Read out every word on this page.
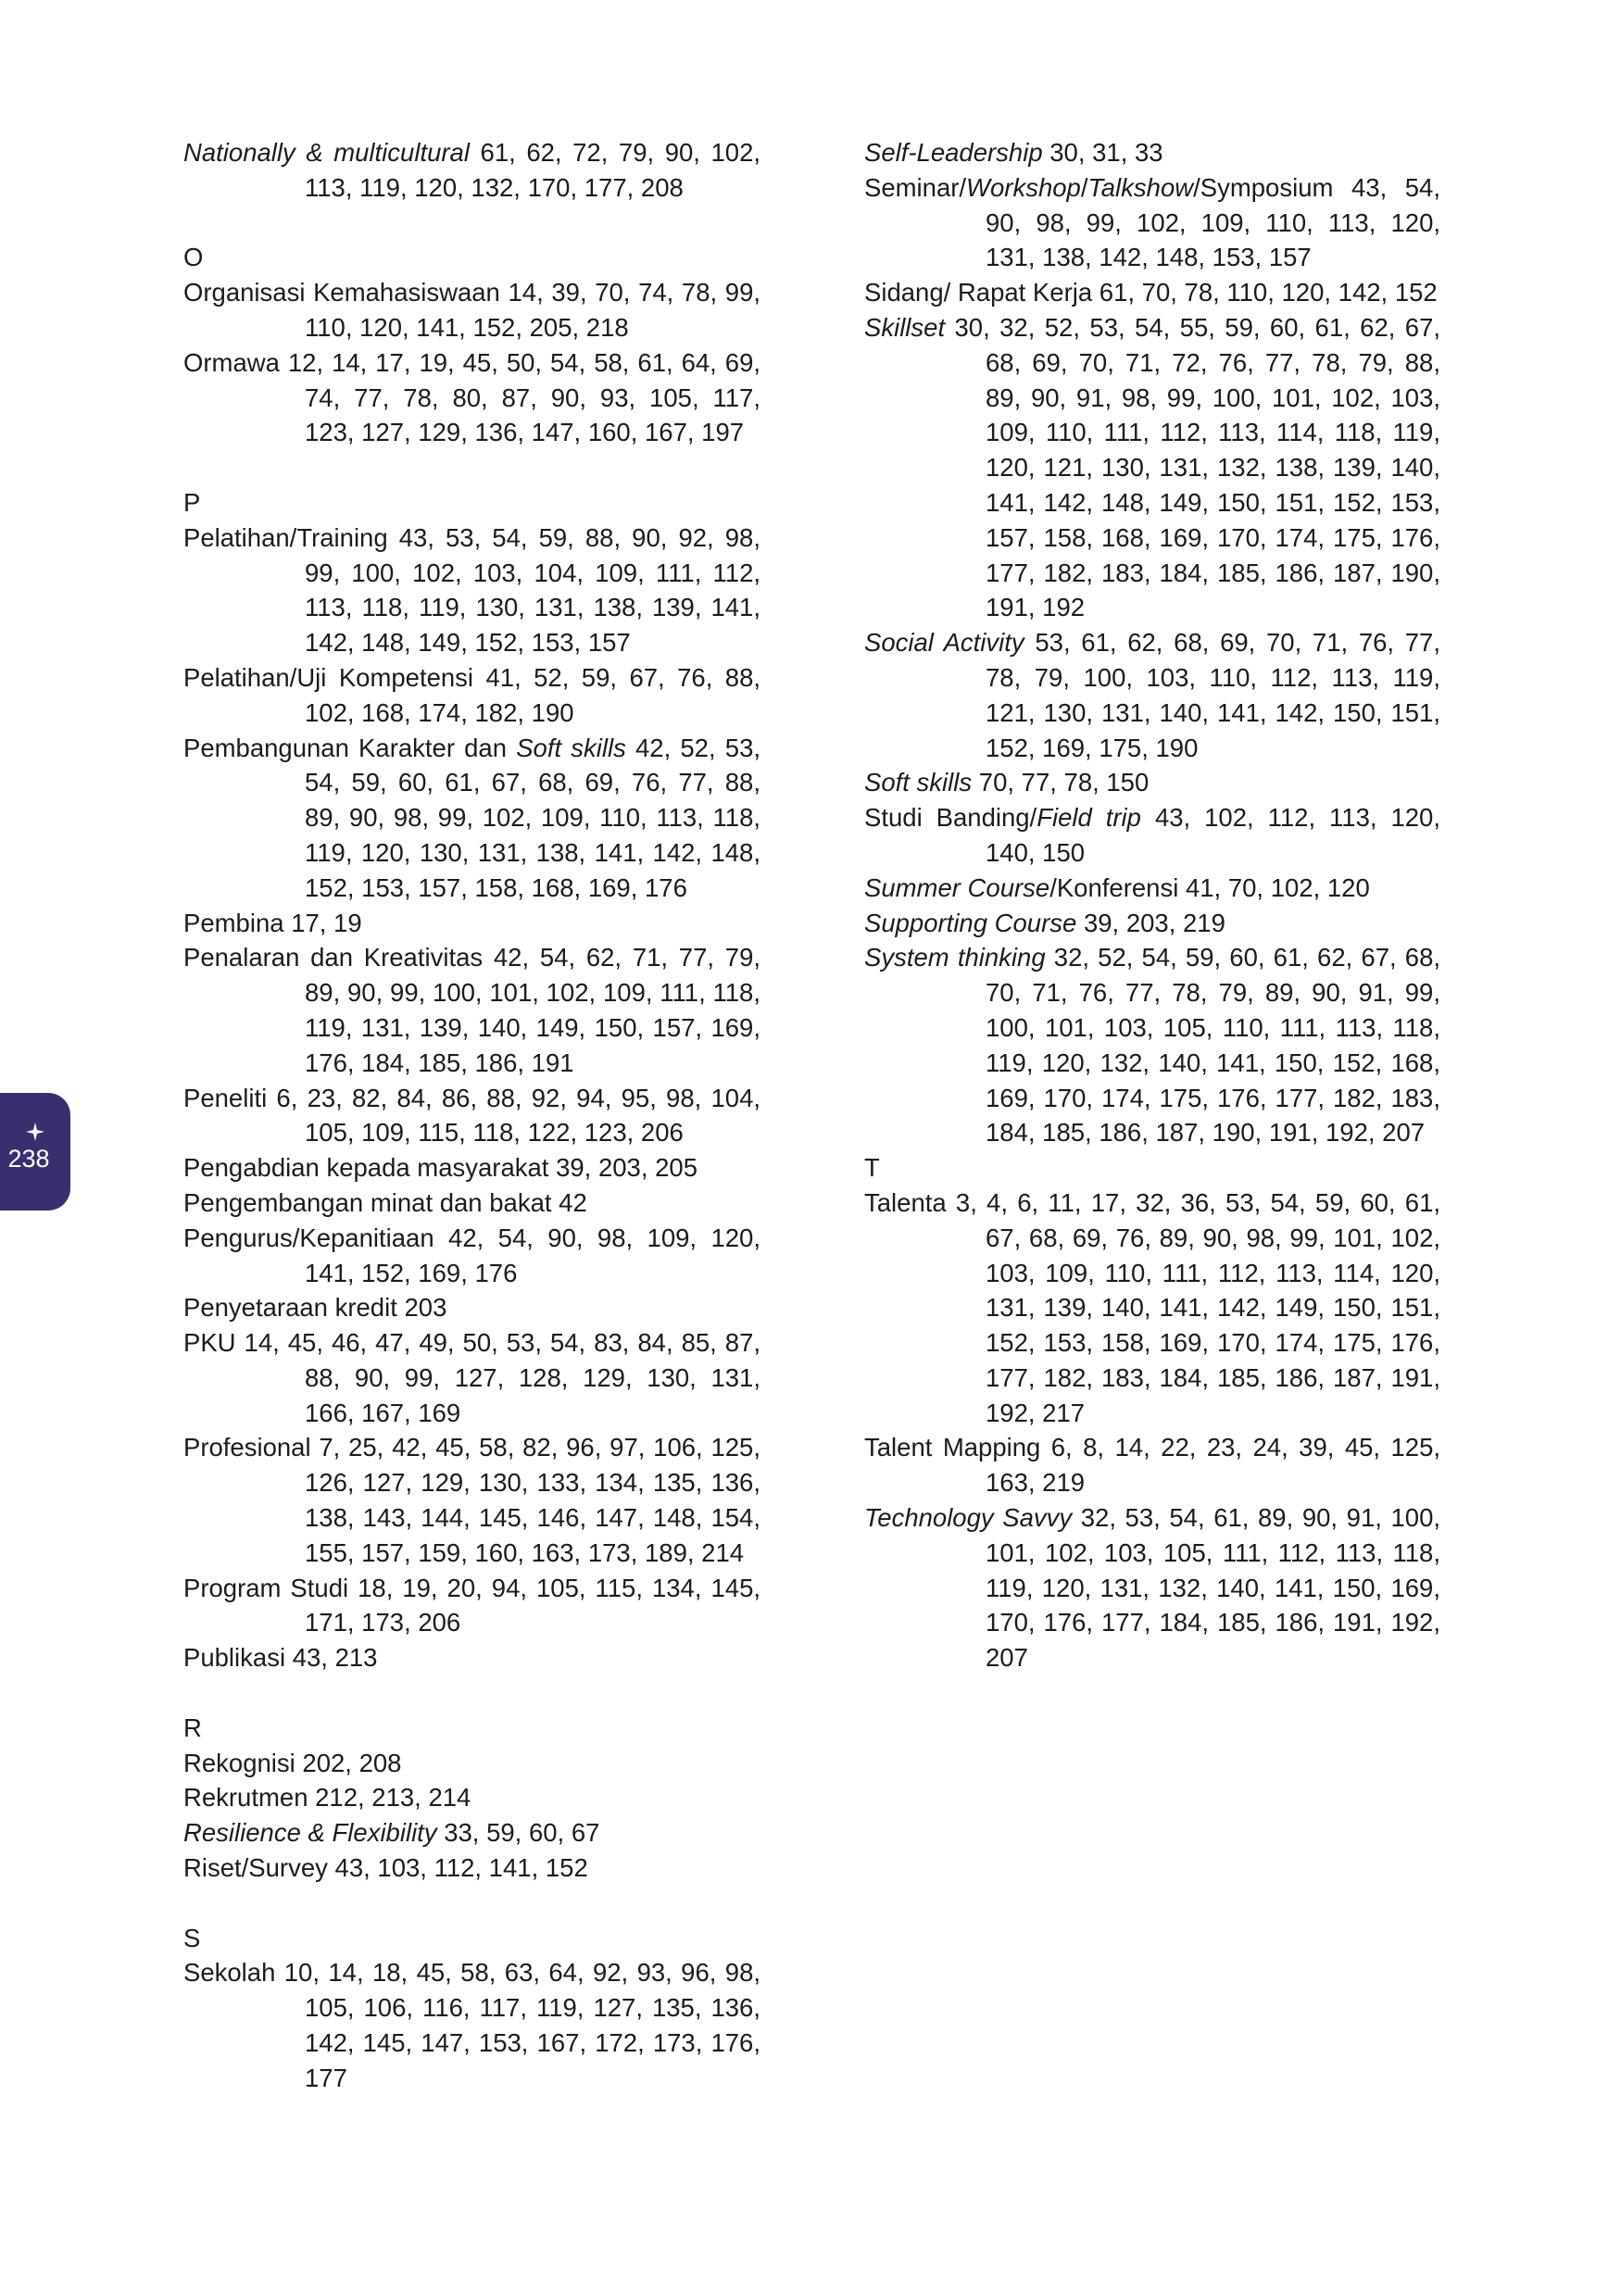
Nationally & multicultural 61, 62, 72, 79, 90, 102, 113, 119, 120, 132, 170, 177, 208
O
Organisasi Kemahasiswaan 14, 39, 70, 74, 78, 99, 110, 120, 141, 152, 205, 218
Ormawa 12, 14, 17, 19, 45, 50, 54, 58, 61, 64, 69, 74, 77, 78, 80, 87, 90, 93, 105, 117, 123, 127, 129, 136, 147, 160, 167, 197
P
Pelatihan/Training 43, 53, 54, 59, 88, 90, 92, 98, 99, 100, 102, 103, 104, 109, 111, 112, 113, 118, 119, 130, 131, 138, 139, 141, 142, 148, 149, 152, 153, 157
Pelatihan/Uji Kompetensi 41, 52, 59, 67, 76, 88, 102, 168, 174, 182, 190
Pembangunan Karakter dan Soft skills 42, 52, 53, 54, 59, 60, 61, 67, 68, 69, 76, 77, 88, 89, 90, 98, 99, 102, 109, 110, 113, 118, 119, 120, 130, 131, 138, 141, 142, 148, 152, 153, 157, 158, 168, 169, 176
Pembina 17, 19
Penalaran dan Kreativitas 42, 54, 62, 71, 77, 79, 89, 90, 99, 100, 101, 102, 109, 111, 118, 119, 131, 139, 140, 149, 150, 157, 169, 176, 184, 185, 186, 191
Peneliti 6, 23, 82, 84, 86, 88, 92, 94, 95, 98, 104, 105, 109, 115, 118, 122, 123, 206
Pengabdian kepada masyarakat 39, 203, 205
Pengembangan minat dan bakat 42
Pengurus/Kepanitiaan 42, 54, 90, 98, 109, 120, 141, 152, 169, 176
Penyetaraan kredit 203
PKU 14, 45, 46, 47, 49, 50, 53, 54, 83, 84, 85, 87, 88, 90, 99, 127, 128, 129, 130, 131, 166, 167, 169
Profesional 7, 25, 42, 45, 58, 82, 96, 97, 106, 125, 126, 127, 129, 130, 133, 134, 135, 136, 138, 143, 144, 145, 146, 147, 148, 154, 155, 157, 159, 160, 163, 173, 189, 214
Program Studi 18, 19, 20, 94, 105, 115, 134, 145, 171, 173, 206
Publikasi 43, 213
R
Rekognisi 202, 208
Rekrutmen 212, 213, 214
Resilience & Flexibility 33, 59, 60, 67
Riset/Survey 43, 103, 112, 141, 152
S
Sekolah 10, 14, 18, 45, 58, 63, 64, 92, 93, 96, 98, 105, 106, 116, 117, 119, 127, 135, 136, 142, 145, 147, 153, 167, 172, 173, 176, 177
Self-Leadership 30, 31, 33
Seminar/Workshop/Talkshow/Symposium 43, 54, 90, 98, 99, 102, 109, 110, 113, 120, 131, 138, 142, 148, 153, 157
Sidang/ Rapat Kerja 61, 70, 78, 110, 120, 142, 152
Skillset 30, 32, 52, 53, 54, 55, 59, 60, 61, 62, 67, 68, 69, 70, 71, 72, 76, 77, 78, 79, 88, 89, 90, 91, 98, 99, 100, 101, 102, 103, 109, 110, 111, 112, 113, 114, 118, 119, 120, 121, 130, 131, 132, 138, 139, 140, 141, 142, 148, 149, 150, 151, 152, 153, 157, 158, 168, 169, 170, 174, 175, 176, 177, 182, 183, 184, 185, 186, 187, 190, 191, 192
Social Activity 53, 61, 62, 68, 69, 70, 71, 76, 77, 78, 79, 100, 103, 110, 112, 113, 119, 121, 130, 131, 140, 141, 142, 150, 151, 152, 169, 175, 190
Soft skills 70, 77, 78, 150
Studi Banding/Field trip 43, 102, 112, 113, 120, 140, 150
Summer Course/Konferensi 41, 70, 102, 120
Supporting Course 39, 203, 219
System thinking 32, 52, 54, 59, 60, 61, 62, 67, 68, 70, 71, 76, 77, 78, 79, 89, 90, 91, 99, 100, 101, 103, 105, 110, 111, 113, 118, 119, 120, 132, 140, 141, 150, 152, 168, 169, 170, 174, 175, 176, 177, 182, 183, 184, 185, 186, 187, 190, 191, 192, 207
T
Talenta 3, 4, 6, 11, 17, 32, 36, 53, 54, 59, 60, 61, 67, 68, 69, 76, 89, 90, 98, 99, 101, 102, 103, 109, 110, 111, 112, 113, 114, 120, 131, 139, 140, 141, 142, 149, 150, 151, 152, 153, 158, 169, 170, 174, 175, 176, 177, 182, 183, 184, 185, 186, 187, 191, 192, 217
Talent Mapping 6, 8, 14, 22, 23, 24, 39, 45, 125, 163, 219
Technology Savvy 32, 53, 54, 61, 89, 90, 91, 100, 101, 102, 103, 105, 111, 112, 113, 118, 119, 120, 131, 132, 140, 141, 150, 169, 170, 176, 177, 184, 185, 186, 191, 192, 207
238
